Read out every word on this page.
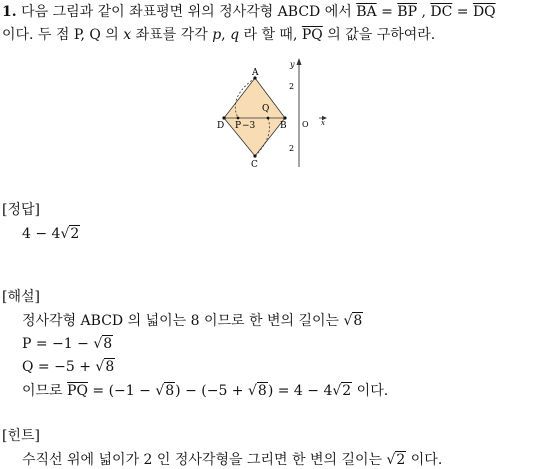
1. 다음 그림과 같이 좌표평면 위의 정사각형 ABCD 에서 $\overline{BA} = \overline{BP}$ , $\overline{DC} = \overline{DQ}$
이다. 두 점 P, Q 의 x 좌표를 각각 p, q 라 할 때, $\overline{PQ}$ 의 값을 구하여라.
A
B
C
D P
Q
−3	O
y
x
2
2
[정답]
4 − 4√2
[해설]
정사각형 ABCD 의 넓이는 8 이므로 한 변의 길이는 √8
P = −1 − √8
Q = −5 + √8
이므로 $\overline{PQ} = (-1 - √8) - (-5 + √8) = 4 - 4√2$ 이다.
[힌트]
수직선 위에 넓이가 2 인 정사각형을 그리면 한 변의 길이는 √2 이다.
